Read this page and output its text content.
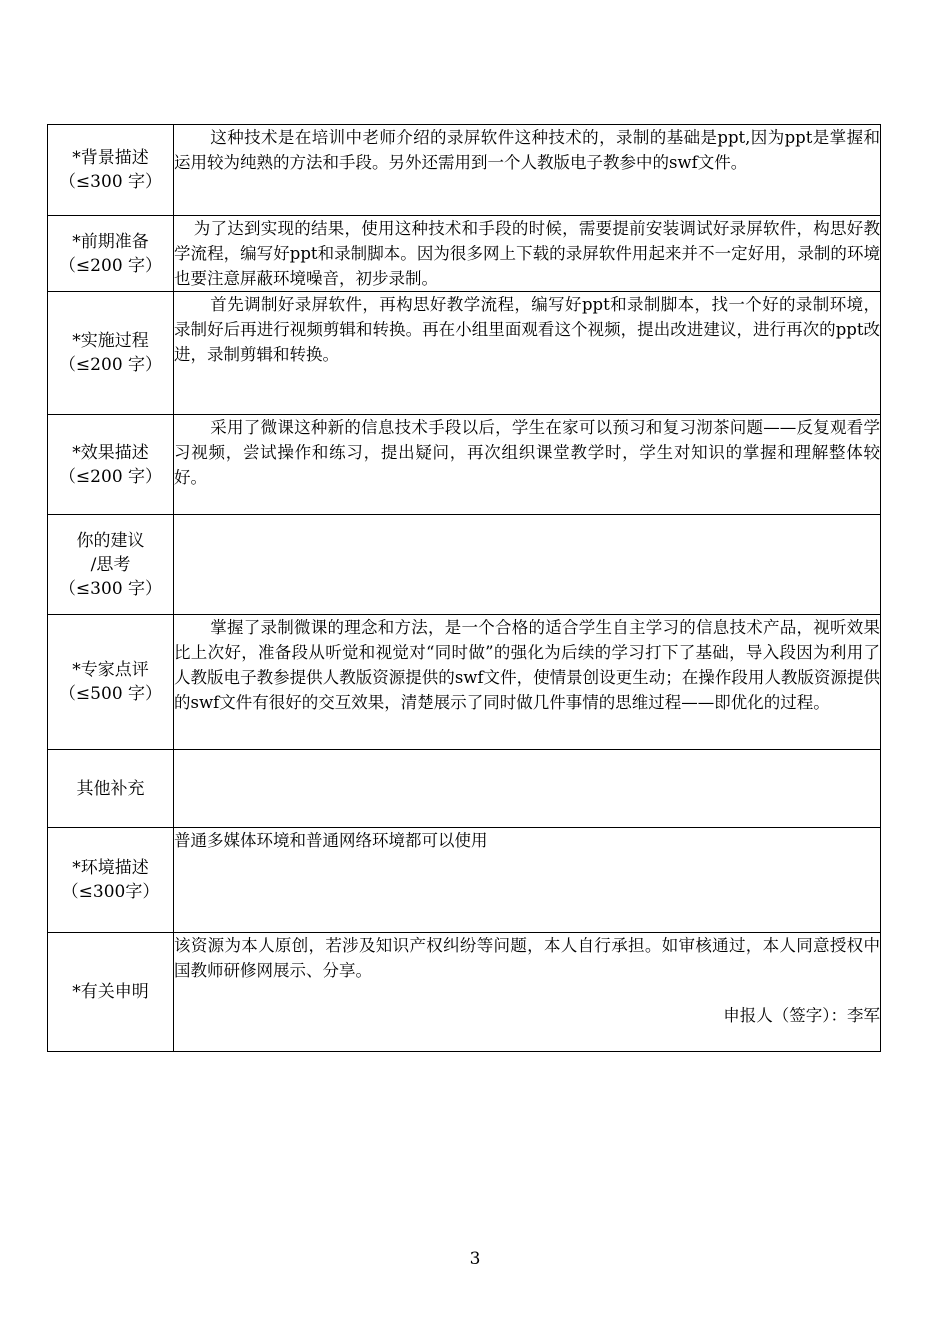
*背景描述
（≤300 字）	这种技术是在培训中老师介绍的录屏软件这种技术的，录制的基础是ppt,因为ppt是掌握和运用较为纯熟的方法和手段。另外还需用到一个人教版电子教参中的swf文件。

*前期准备
（≤200 字）	为了达到实现的结果，使用这种技术和手段的时候，需要提前安装调试好录屏软件，构思好教学流程，编写好ppt和录制脚本。因为很多网上下载的录屏软件用起来并不一定好用，录制的环境也要注意屏蔽环境噪音，初步录制。

*实施过程
（≤200 字）	首先调制好录屏软件，再构思好教学流程，编写好ppt和录制脚本，找一个好的录制环境，录制好后再进行视频剪辑和转换。再在小组里面观看这个视频，提出改进建议，进行再次的ppt改进，录制剪辑和转换。

*效果描述
（≤200 字）	采用了微课这种新的信息技术手段以后，学生在家可以预习和复习沏茶问题——反复观看学习视频，尝试操作和练习，提出疑问，再次组织课堂教学时，学生对知识的掌握和理解整体较好。

你的建议
/思考
（≤300 字）	

*专家点评
（≤500 字）	掌握了录制微课的理念和方法，是一个合格的适合学生自主学习的信息技术产品，视听效果比上次好，准备段从听觉和视觉对“同时做”的强化为后续的学习打下了基础，导入段因为利用了人教版电子教参提供人教版资源提供的swf文件，使情景创设更生动；在操作段用人教版资源提供的swf文件有很好的交互效果，清楚展示了同时做几件事情的思维过程——即优化的过程。

其他补充	

*环境描述
（≤300字）	普通多媒体环境和普通网络环境都可以使用

*有关申明	该资源为本人原创，若涉及知识产权纠纷等问题，本人自行承担。如审核通过，本人同意授权中国教师研修网展示、分享。
申报人（签字）：李军
3
